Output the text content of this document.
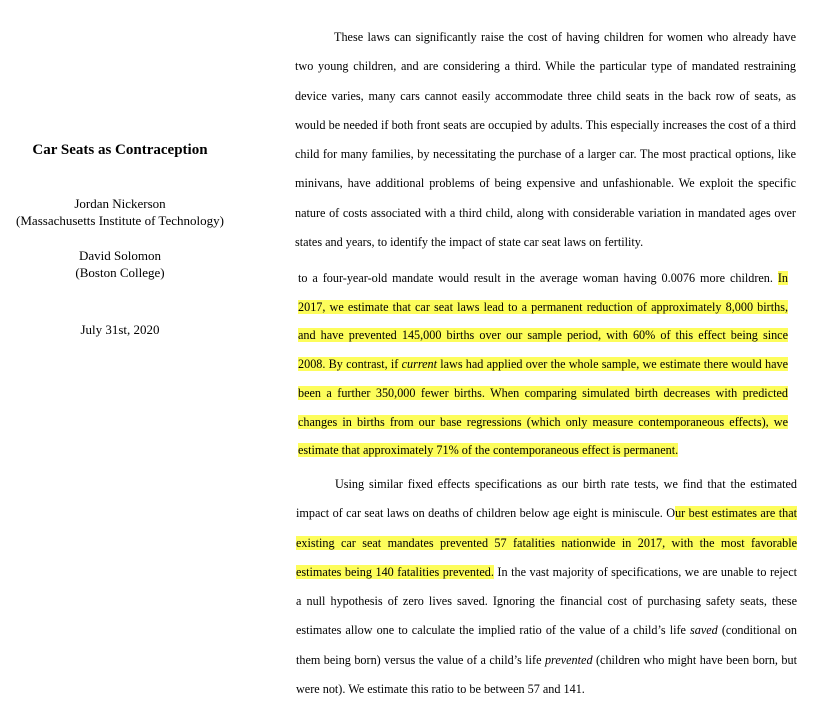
Car Seats as Contraception
Jordan Nickerson
(Massachusetts Institute of Technology)
David Solomon
(Boston College)
July 31st, 2020

These laws can significantly raise the cost of having children for women who already have two young children, and are considering a third. While the particular type of mandated restraining device varies, many cars cannot easily accommodate three child seats in the back row of seats, as would be needed if both front seats are occupied by adults. This especially increases the cost of a third child for many families, by necessitating the purchase of a larger car. The most practical options, like minivans, have additional problems of being expensive and unfashionable. We exploit the specific nature of costs associated with a third child, along with considerable variation in mandated ages over states and years, to identify the impact of state car seat laws on fertility.

to a four-year-old mandate would result in the average woman having 0.0076 more children. In 2017, we estimate that car seat laws lead to a permanent reduction of approximately 8,000 births, and have prevented 145,000 births over our sample period, with 60% of this effect being since 2008. By contrast, if current laws had applied over the whole sample, we estimate there would have been a further 350,000 fewer births. When comparing simulated birth decreases with predicted changes in births from our base regressions (which only measure contemporaneous effects), we estimate that approximately 71% of the contemporaneous effect is permanent.

Using similar fixed effects specifications as our birth rate tests, we find that the estimated impact of car seat laws on deaths of children below age eight is miniscule. Our best estimates are that existing car seat mandates prevented 57 fatalities nationwide in 2017, with the most favorable estimates being 140 fatalities prevented. In the vast majority of specifications, we are unable to reject a null hypothesis of zero lives saved. Ignoring the financial cost of purchasing safety seats, these estimates allow one to calculate the implied ratio of the value of a child’s life saved (conditional on them being born) versus the value of a child’s life prevented (children who might have been born, but were not). We estimate this ratio to be between 57 and 141.
